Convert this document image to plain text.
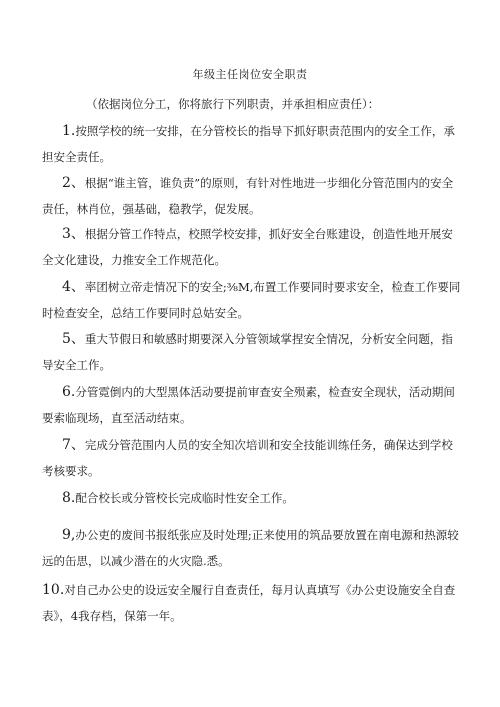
年级主任岗位安全职责
（依据岗位分工，你将旅行下列职责，并承担相应责任）：

1.按照学校的统一安排，在分管校长的指导下抓好职责范围内的安全工作，承担安全责任。

2、根据“谁主管，谁负责”的原则，有针对性地进一步细化分管范围内的安全责任，林肖位，强基础，稳教学，促发展。

3、根据分管工作特点，校照学校安排，抓好安全台账建设，创造性地开展安全文化建设，力推安全工作规范化。

4、率团树立帝走情况下的安全;⅜M,布置工作要同时要求安全，检查工作要同时检查安全，总结工作要同时总姑安全。

5、重大节假日和敏感时期要深入分管领域掌捏安全情况，分析安全问题，指导安全工作。

6.分管霓倒内的大型黑体活动要提前审查安全殒素，检查安全现状，活动期间要索临现场，直至活动结束。

7、完成分管范围内人员的安全知次培训和安全技能训练任务，确保达到学校考核要求。

8.配合校长或分管校长完成临时性安全工作。

9,办公吏的废间书报纸张应及时处理;正来使用的筑品要放置在南电源和热源较远的缶思，以减少潜在的火灾隐.悉。

10.对自己办公史的设远安全履行自查责任，每月认真填写《办公吏设施安全自查表》，4我存档，保第一年。
